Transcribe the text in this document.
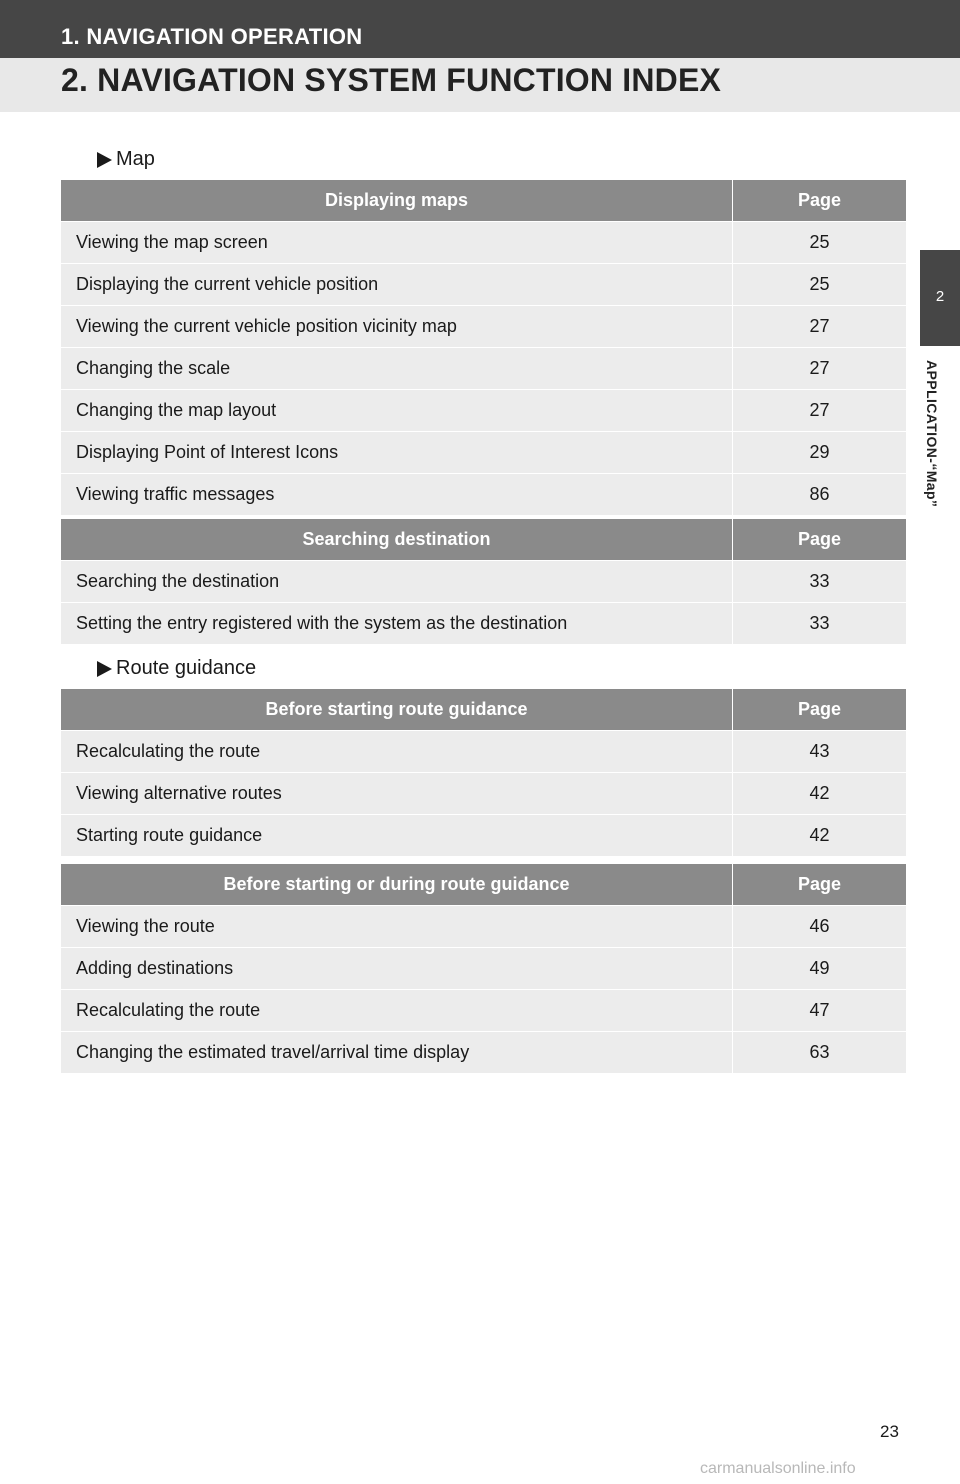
1. NAVIGATION OPERATION
2. NAVIGATION SYSTEM FUNCTION INDEX
2
APPLICATION-“Map”
Map
Displaying maps	Page
Viewing the map screen	25
Displaying the current vehicle position	25
Viewing the current vehicle position vicinity map	27
Changing the scale	27
Changing the map layout	27
Displaying Point of Interest Icons	29
Viewing traffic messages	86
Searching destination	Page
Searching the destination	33
Setting the entry registered with the system as the destination	33
Route guidance
Before starting route guidance	Page
Recalculating the route	43
Viewing alternative routes	42
Starting route guidance	42
Before starting or during route guidance	Page
Viewing the route	46
Adding destinations	49
Recalculating the route	47
Changing the estimated travel/arrival time display	63
23
carmanualsonline.info
